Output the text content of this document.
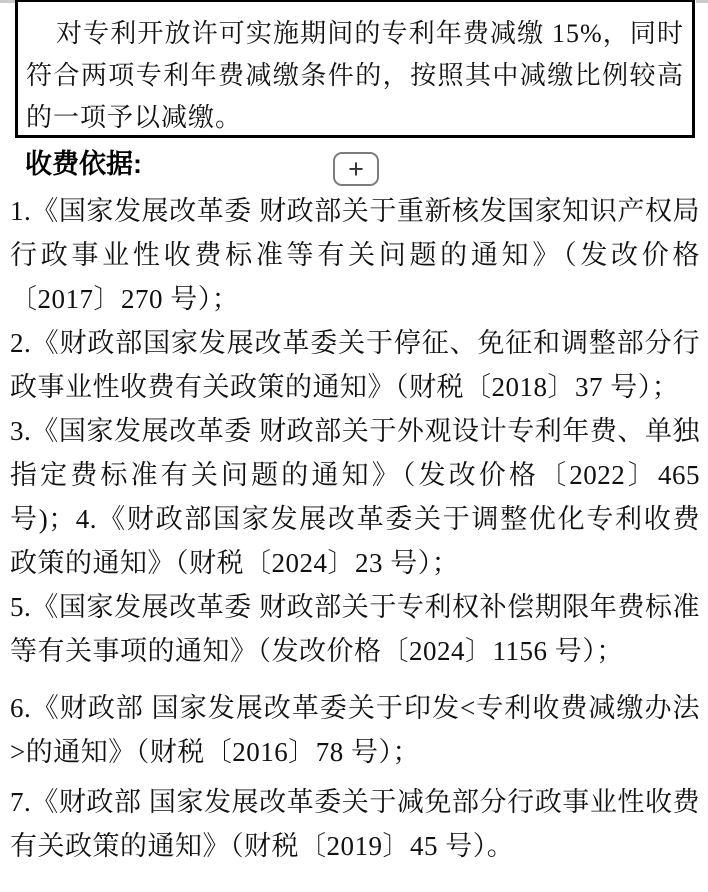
对专利开放许可实施期间的专利年费减缴 15%，同时符合两项专利年费减缴条件的，按照其中减缴比例较高的一项予以减缴。

收费依据:	+

1.《国家发展改革委 财政部关于重新核发国家知识产权局行政事业性收费标准等有关问题的通知》（发改价格〔2017〕270 号）；

2.《财政部国家发展改革委关于停征、免征和调整部分行政事业性收费有关政策的通知》（财税〔2018〕37 号）；

3.《国家发展改革委 财政部关于外观设计专利年费、单独指定费标准有关问题的通知》（发改价格〔2022〕465 号)；4.《财政部国家发展改革委关于调整优化专利收费政策的通知》（财税〔2024〕23 号）；

5.《国家发展改革委 财政部关于专利权补偿期限年费标准等有关事项的通知》（发改价格〔2024〕1156 号）；

6.《财政部 国家发展改革委关于印发<专利收费减缴办法>的通知》（财税〔2016〕78 号）；

7.《财政部 国家发展改革委关于减免部分行政事业性收费有关政策的通知》（财税〔2019〕45 号）。
